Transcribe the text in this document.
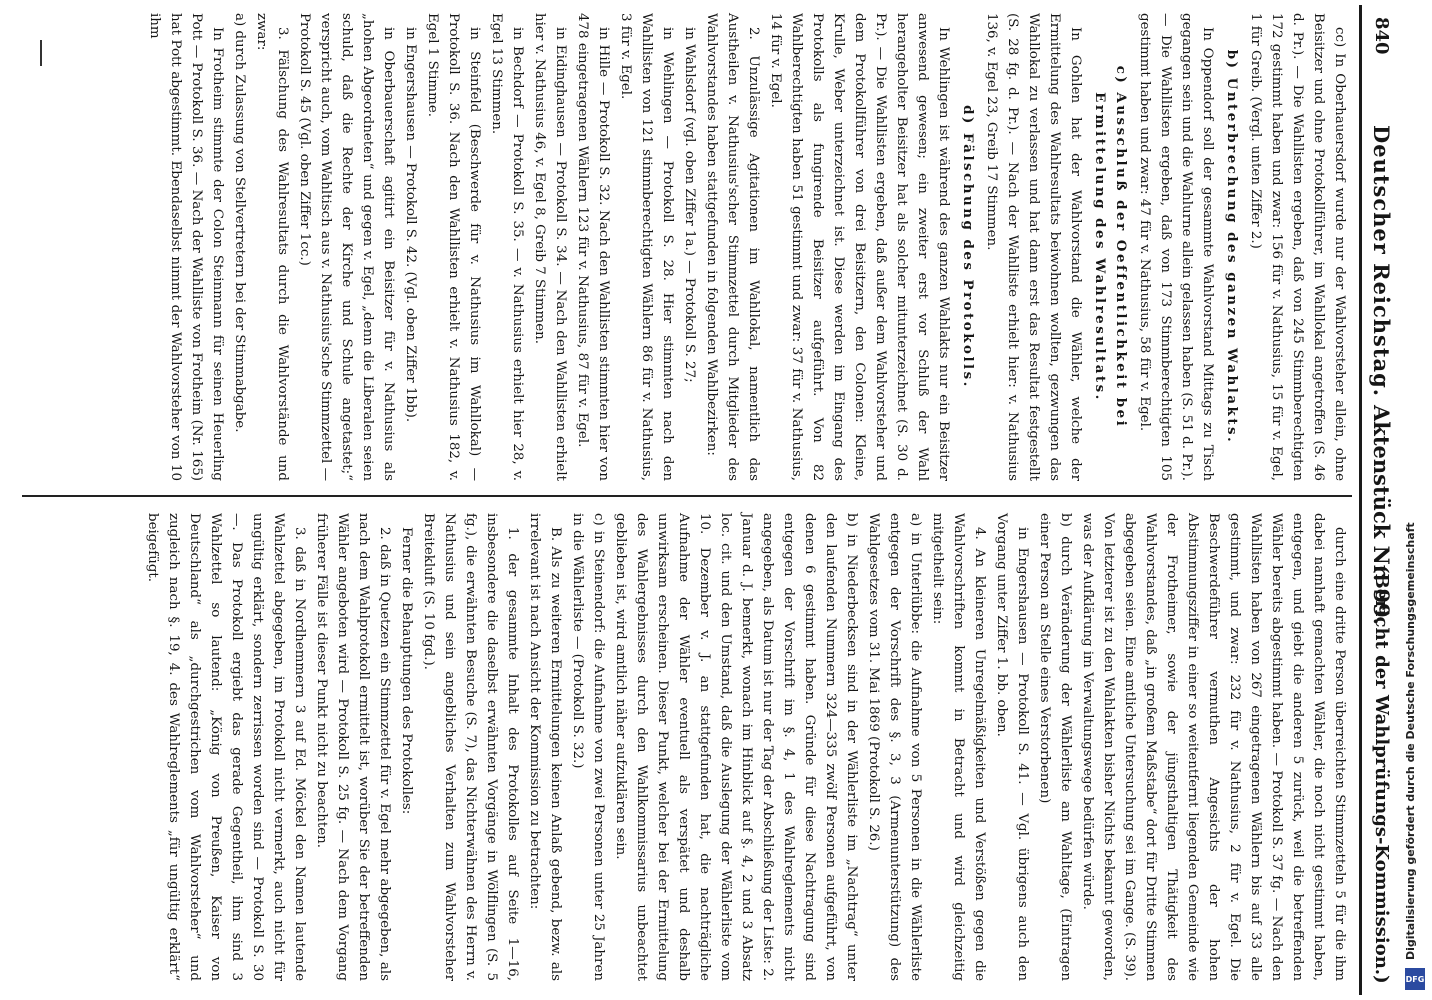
840
Deutscher Reichstag.
Aktenstück Nr. 99.
(Bericht der Wahlprüfungs-Kommission.)

cc) In Oberhauersdorf wurde nur der Wahlvorsteher allein, ohne Beisitzer und ohne Protokollführer, im Wahllokal angetroffen (S. 46 d. Pr.). — Die Wahllisten ergeben, daß von 245 Stimmberechtigten 172 gestimmt haben und zwar: 156 für v. Nathusius, 15 für v. Egel, 1 für Greib. (Vergl. unten Ziffer 2.)

b) Unterbrechung des ganzen Wahlakts.

In Oppendorf soll der gesammte Wahlvorstand Mittags zu Tisch gegangen sein und die Wahlurne allein gelassen haben (S. 51 d. Pr.). — Die Wahllisten ergeben, daß von 173 Stimmberechtigten 105 gestimmt haben und zwar: 47 für v. Nathusius, 58 für v. Egel.

c) Ausschluß der Oeffentlichkeit bei Ermittelung des Wahlresultats.

In Gohlen hat der Wahlvorstand die Wähler, welche der Ermittelung des Wahlresultats beiwohnen wollten, gezwungen das Wahllokal zu verlassen und hat dann erst das Resultat festgestellt (S. 28 fg. d. Pr.). — Nach der Wahlliste erhielt hier: v. Nathusius 136, v. Egel 23, Greib 17 Stimmen.

d) Fälschung des Protokolls.

In Wehlingen ist während des ganzen Wahlakts nur ein Beisitzer anwesend gewesen; ein zweiter erst vor Schluß der Wahl herangeholter Beisitzer hat als solcher mitunterzeichnet (S. 30 d. Pr.). — Die Wahllisten ergeben, daß außer dem Wahlvorsteher und dem Protokollführer von drei Beisitzern, den Colonen: Kleine, Krulle, Weber unterzeichnet ist. Diese werden im Eingang des Protokolls als fungirende Beisitzer aufgeführt. Von 82 Wahlberechtigten haben 51 gestimmt und zwar: 37 für v. Nathusius, 14 für v. Egel.

2. Unzulässige Agitationen im Wahllokal, namentlich das Austheilen v. Nathusius'scher Stimmzettel durch Mitglieder des Wahlvorstandes haben stattgefunden in folgenden Wahlbezirken:

in Wahlsdorf (vgl. oben Ziffer 1a.) — Protokoll S. 27;

in Wehlingen — Protokoll S. 28. Hier stimmten nach den Wahllisten von 121 stimmberechtigten Wählern 86 für v. Nathusius, 3 für v. Egel.

in Hille — Protokoll S. 32. Nach den Wahllisten stimmten hier von 478 eingetragenen Wählern 123 für v. Nathusius, 87 für v. Egel.

in Eidinghausen — Protokoll S. 34. — Nach den Wahllisten erhielt hier v. Nathusius 46, v. Egel 8, Greib 7 Stimmen.

in Bechdorf — Protokoll S. 35. — v. Nathusius erhielt hier 28, v. Egel 13 Stimmen.

in Steinfeld (Beschwerde für v. Nathusius im Wahllokal) — Protokoll S. 36. Nach den Wahllisten erhielt v. Nathusius 182, v. Egel 1 Stimme.

in Engershausen — Protokoll S. 42. (Vgl. oben Ziffer 1bb).

in Oberbauerschaft agitirt ein Beisitzer für v. Nathusius als „hohen Abgeordneten“ und gegen v. Egel, „denn die Liberalen seien schuld, daß die Rechte der Kirche und Schule angetastet;“ verspricht auch, vom Wahltisch aus v. Nathusius'sche Stimmzettel — Protokoll S. 45 (Vgl. oben Ziffer 1cc.)

3. Fälschung des Wahlresultats durch die Wahlvorstände und zwar:

a) durch Zulassung von Stellvertretern bei der Stimmabgabe.

In Frotheim stimmte der Colon Steinmann für seinen Heuerling Pott — Protokoll S. 36. — Nach der Wahlliste von Frotheim (Nr. 165) hat Pott abgestimmt. Ebendaselbst nimmt der Wahlvorsteher von 10 ihm

durch eine dritte Person überreichten Stimmzetteln 5 für die ihm dabei namhaft gemachten Wähler, die noch nicht gestimmt haben, entgegen, und giebt die anderen 5 zurück, weil die betreffenden Wähler bereits abgestimmt haben. — Protokoll S. 37 fg. — Nach den Wahllisten haben von 267 eingetragenen Wählern bis auf 33 alle gestimmt, und zwar: 232 für v. Nathusius, 2 für v. Egel. Die Beschwerdeführer vermuthen Angesichts der hohen Abstimmungsziffer in einer so weitentfernt liegenden Gemeinde wie der Frotheimer, sowie der jüngsthaltigen Thätigkeit des Wahlvorstandes, daß „in großem Maßstabe“ dort für Dritte Stimmen abgegeben seien. Eine amtliche Untersuchung sei im Gange. (S. 39). Von letzterer ist zu den Wahlakten bisher Nichts bekannt geworden, was der Aufklärung im Verwaltungswege bedürfen würde.

b) durch Veränderung der Wählerliste am Wahltage, (Eintragen einer Person an Stelle eines Verstorbenen)

in Engershausen — Protokoll S. 41. — Vgl. übrigens auch den Vorgang unter Ziffer 1. bb. oben.

4. An kleineren Unregelmäßigkeiten und Verstößen gegen die Wahlvorschriften kommt in Betracht und wird gleichzeitig mitgetheilt sein:

a) in Unterlübbe: die Aufnahme von 5 Personen in die Wählerliste entgegen der Vorschrift des §. 3, 3 (Armenunterstützung) des Wahlgesetzes vom 31. Mai 1869 (Protokoll S. 26.)

b) in Niederbecksen sind in der Wählerliste im „Nachtrag“ unter den laufenden Nummern 324—335 zwölf Personen aufgeführt, von denen 6 gestimmt haben. Gründe für diese Nachtragung sind entgegen der Vorschrift im §. 4, 1 des Wahlreglements nicht angegeben, als Datum ist nur der Tag der Abschließung der Liste: 2. Januar d. J. bemerkt, wonach im Hinblick auf §. 4, 2 und 3 Absatz loc. cit. und den Umstand, daß die Auslegung der Wählerliste vom 10. Dezember v. J. an stattgefunden hat, die nachträgliche Aufnahme der Wähler eventuell als verspätet und deshalb unwirksam erscheinen. Dieser Punkt, welcher bei der Ermittelung des Wahlergebnisses durch den Wahlkommissarius unbeachtet geblieben ist, wird amtlich näher aufzuklären sein.

c) in Steinendorf: die Aufnahme von zwei Personen unter 25 Jahren in die Wählerliste — (Protokoll S. 32.)

B. Als zu weiteren Ermittelungen keinen Anlaß gebend, bezw. als irrelevant ist nach Ansicht der Kommission zu betrachten:

1. der gesammte Inhalt des Protokolles auf Seite 1—16, insbesondere die daselbst erwähnten Vorgänge in Wölflingen (S. 5 fg.), die erwähnten Besuche (S. 7), das Nichterwähnen des Herrn v. Nathusius und sein angebliches Verhalten zum Wahlvorsteher Breitekluft (S. 10 fgd.).

Ferner die Behauptungen des Protokolles:

2. daß in Quetzen ein Stimmzettel für v. Egel mehr abgegeben, als nach dem Wahlprotokoll ermittelt ist, worüber Sie der betreffenden Wähler angeboten wird — Protokoll S. 25 fg. — Nach dem Vorgang früherer Fälle ist dieser Punkt nicht zu beachten.

3. daß in Nordhemmern 3 auf Ed. Möckel den Namen lautende Wahlzettel abgegeben, im Protokoll nicht vermerkt, auch nicht für ungültig erklärt, sondern zerrissen worden sind — Protokoll S. 30 —. Das Protokoll ergiebt das gerade Gegentheil, ihm sind 3 Wahlzettel so lautend: „König von Preußen, Kaiser von Deutschland“ als „durchgestrichen vom Wahlvorsteher“ und zugleich nach §. 19, 4. des Wahlreglements „für ungültig erklärt“ beigefügt.	Digitalisierung gefördert durch die Deutsche Forschungsgemeinschaft
DFG
